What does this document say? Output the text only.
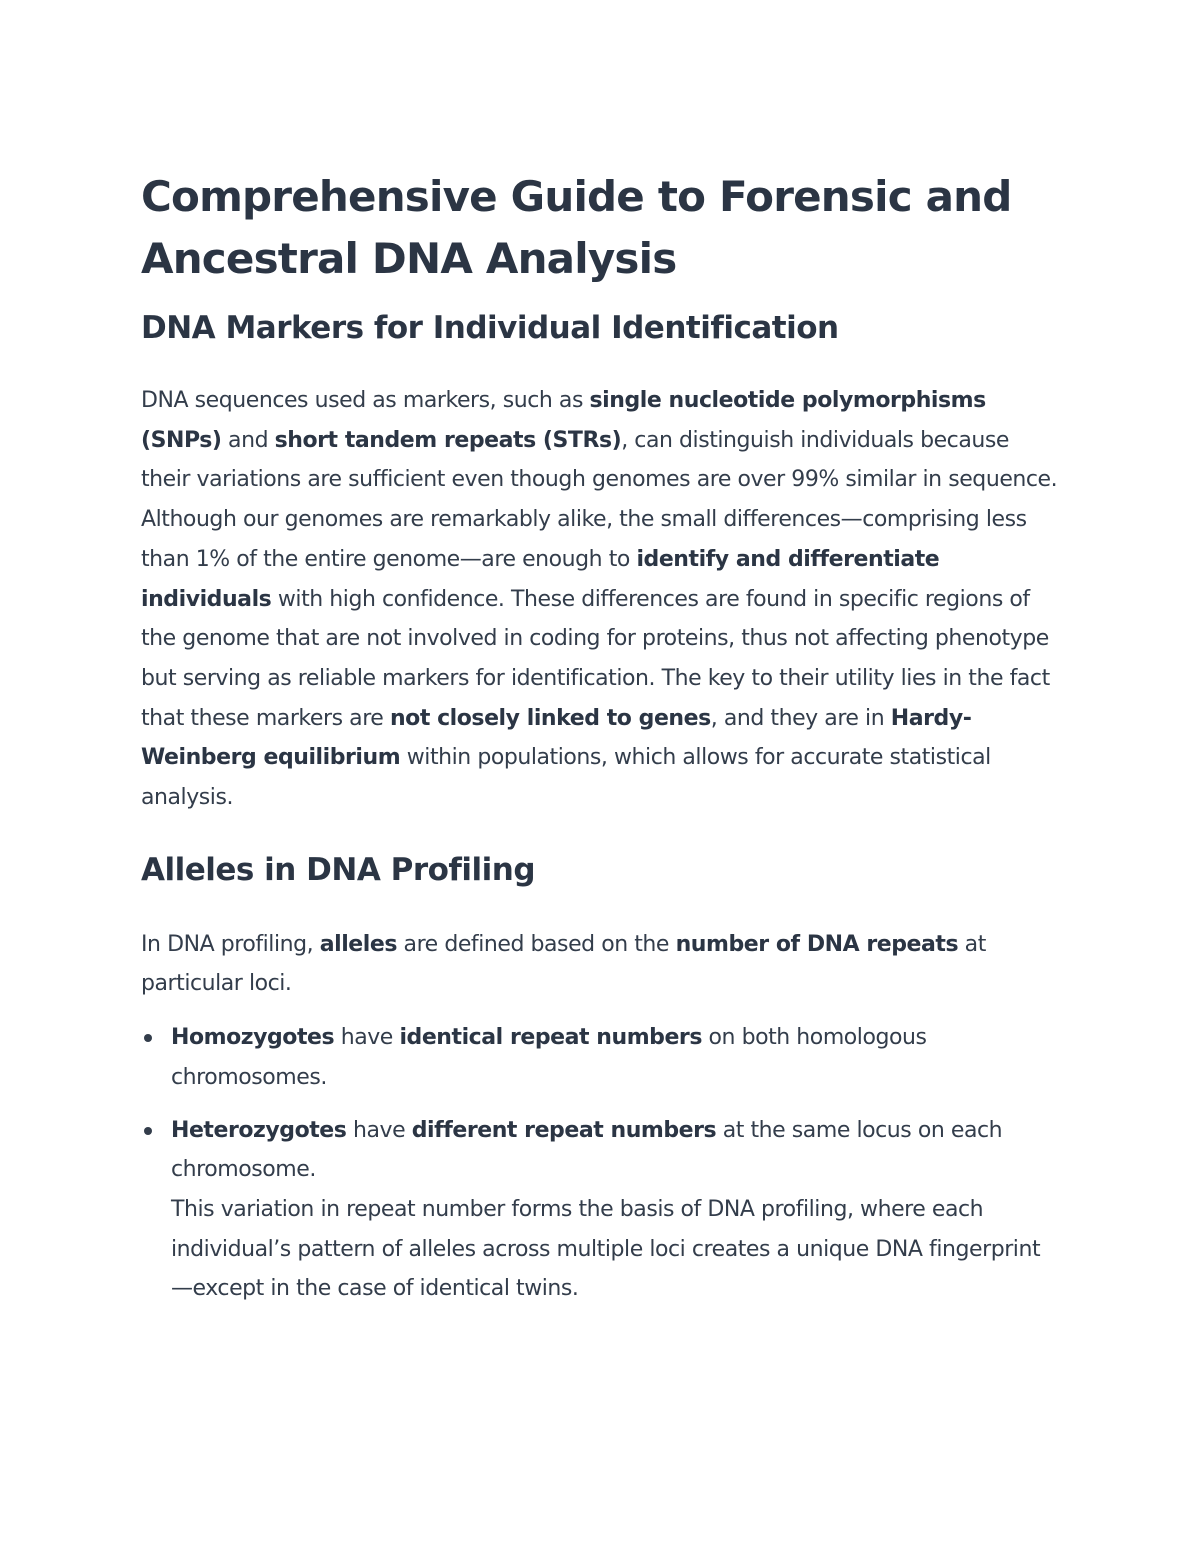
Comprehensive Guide to Forensic and
Ancestral DNA Analysis
DNA Markers for Individual Identification

DNA sequences used as markers, such as single nucleotide polymorphisms (SNPs) and short tandem repeats (STRs), can distinguish individuals because their variations are sufficient even though genomes are over 99% similar in sequence.
Although our genomes are remarkably alike, the small differences—comprising less than 1% of the entire genome—are enough to identify and differentiate individuals with high confidence. These differences are found in specific regions of the genome that are not involved in coding for proteins, thus not affecting phenotype but serving as reliable markers for identification. The key to their utility lies in the fact that these markers are not closely linked to genes, and they are in Hardy-Weinberg equilibrium within populations, which allows for accurate statistical analysis.

Alleles in DNA Profiling

In DNA profiling, alleles are defined based on the number of DNA repeats at particular loci.

Homozygotes have identical repeat numbers on both homologous chromosomes.
Heterozygotes have different repeat numbers at the same locus on each chromosome.
This variation in repeat number forms the basis of DNA profiling, where each individual’s pattern of alleles across multiple loci creates a unique DNA fingerprint—except in the case of identical twins.
